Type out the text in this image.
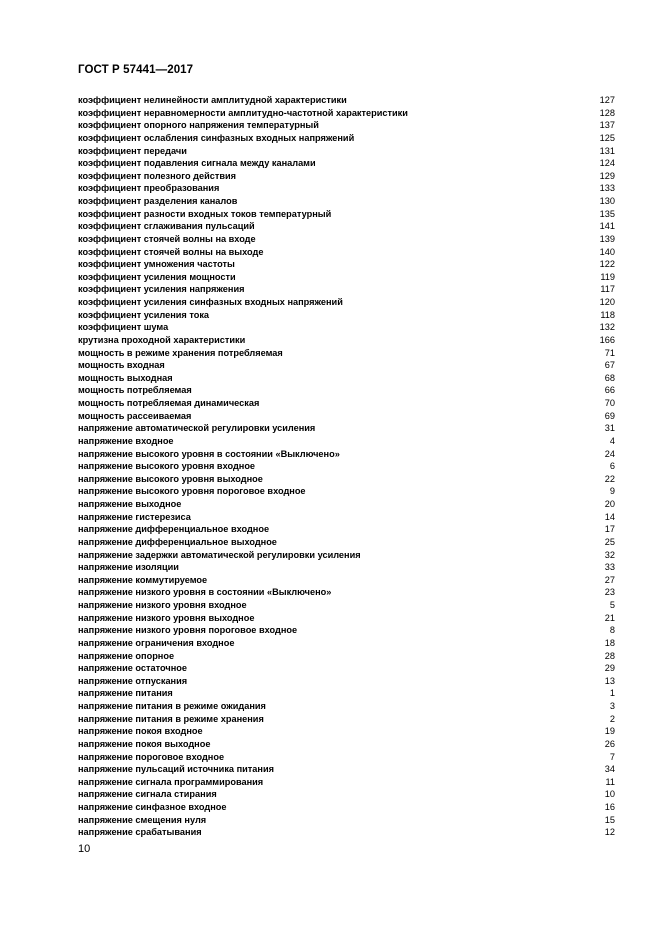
ГОСТ Р 57441—2017
коэффициент нелинейности амплитудной характеристики	127
коэффициент неравномерности амплитудно-частотной характеристики	128
коэффициент опорного напряжения температурный	137
коэффициент ослабления синфазных входных напряжений	125
коэффициент передачи	131
коэффициент подавления сигнала между каналами	124
коэффициент полезного действия	129
коэффициент преобразования	133
коэффициент разделения каналов	130
коэффициент разности входных токов температурный	135
коэффициент сглаживания пульсаций	141
коэффициент стоячей волны на входе	139
коэффициент стоячей волны на выходе	140
коэффициент умножения частоты	122
коэффициент усиления мощности	119
коэффициент усиления напряжения	117
коэффициент усиления синфазных входных напряжений	120
коэффициент усиления тока	118
коэффициент шума	132
крутизна проходной характеристики	166
мощность в режиме хранения потребляемая	71
мощность входная	67
мощность выходная	68
мощность потребляемая	66
мощность потребляемая динамическая	70
мощность рассеиваемая	69
напряжение автоматической регулировки усиления	31
напряжение входное	4
напряжение высокого уровня в состоянии «Выключено»	24
напряжение высокого уровня входное	6
напряжение высокого уровня выходное	22
напряжение высокого уровня пороговое входное	9
напряжение выходное	20
напряжение гистерезиса	14
напряжение дифференциальное входное	17
напряжение дифференциальное выходное	25
напряжение задержки автоматической регулировки усиления	32
напряжение изоляции	33
напряжение коммутируемое	27
напряжение низкого уровня в состоянии «Выключено»	23
напряжение низкого уровня входное	5
напряжение низкого уровня выходное	21
напряжение низкого уровня пороговое входное	8
напряжение ограничения входное	18
напряжение опорное	28
напряжение остаточное	29
напряжение отпускания	13
напряжение питания	1
напряжение питания в режиме ожидания	3
напряжение питания в режиме хранения	2
напряжение покоя входное	19
напряжение покоя выходное	26
напряжение пороговое входное	7
напряжение пульсаций источника питания	34
напряжение сигнала программирования	11
напряжение сигнала стирания	10
напряжение синфазное входное	16
напряжение смещения нуля	15
напряжение срабатывания	12
10
